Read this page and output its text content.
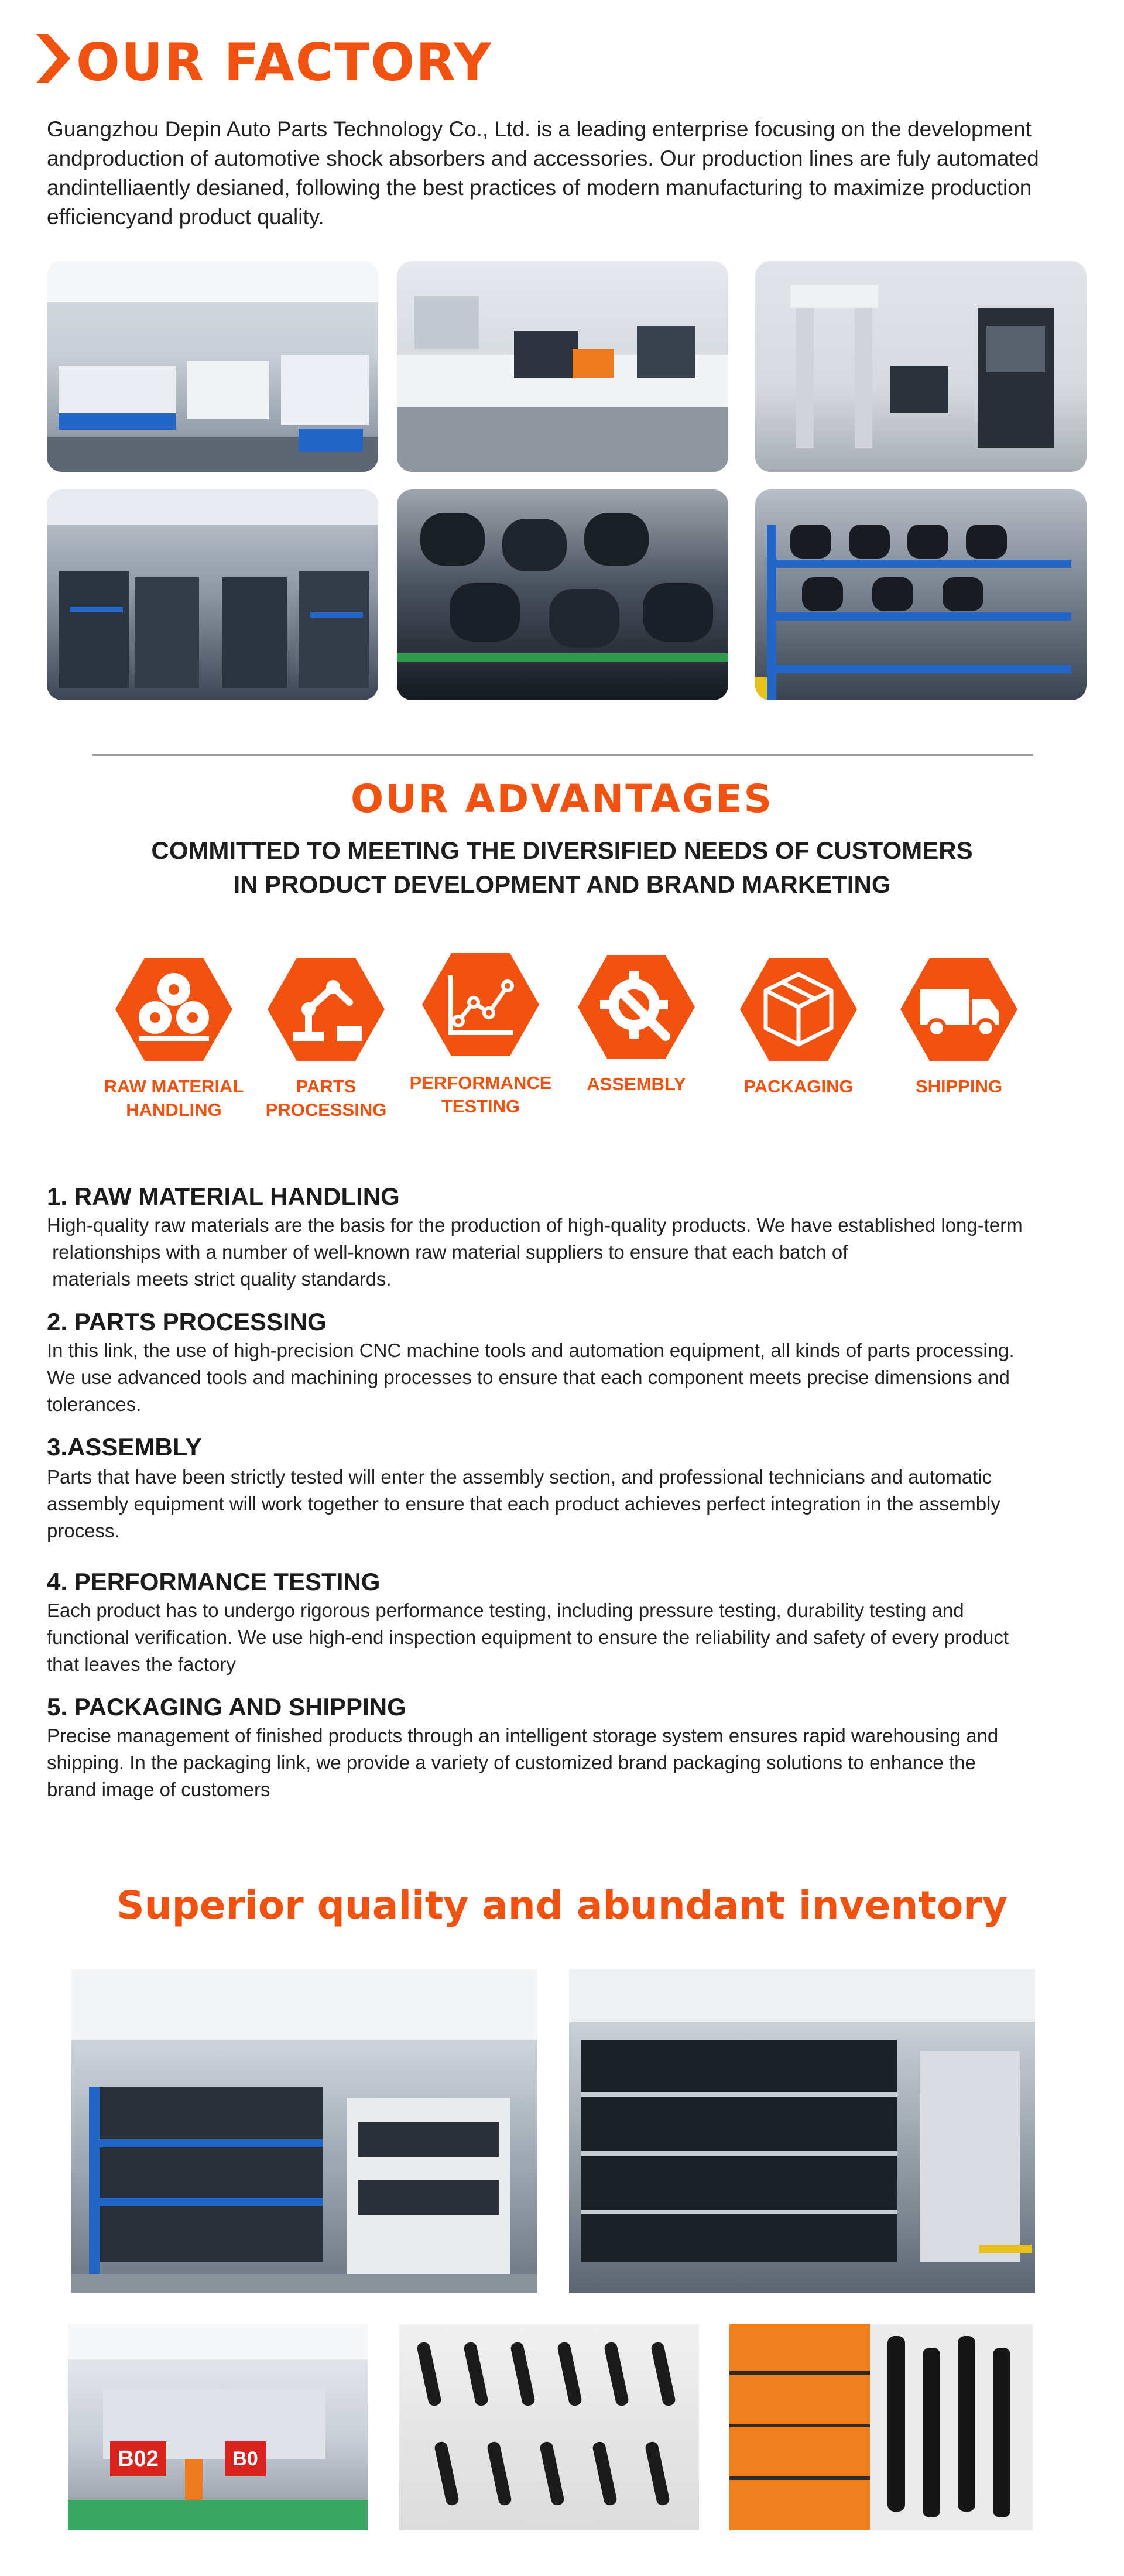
OUR FACTORY

Guangzhou Depin Auto Parts Technology Co., Ltd. is a leading enterprise focusing on the development andproduction of automotive shock absorbers and accessories. Our production lines are fuly automated andintelliaently desianed, following the best practices of modern manufacturing to maximize production efficiencyand product quality.

OUR ADVANTAGES
COMMITTED TO MEETING THE DIVERSIFIED NEEDS OF CUSTOMERS
IN PRODUCT DEVELOPMENT AND BRAND MARKETING
RAW MATERIAL
HANDLING
PARTS
PROCESSING
PERFORMANCE
TESTING
ASSEMBLY	PACKAGING	SHIPPING
1. RAW MATERIAL HANDLING
High-quality raw materials are the basis for the production of high-quality products. We have established long-term
relationships with a number of well-known raw material suppliers to ensure that each batch of
materials meets strict quality standards.
2. PARTS PROCESSING
In this link, the use of high-precision CNC machine tools and automation equipment, all kinds of parts processing.
We use advanced tools and machining processes to ensure that each component meets precise dimensions and
tolerances.
3.ASSEMBLY
Parts that have been strictly tested will enter the assembly section, and professional technicians and automatic
assembly equipment will work together to ensure that each product achieves perfect integration in the assembly
process.
4. PERFORMANCE TESTING
Each product has to undergo rigorous performance testing, including pressure testing, durability testing and
functional verification. We use high-end inspection equipment to ensure the reliability and safety of every product
that leaves the factory
5. PACKAGING AND SHIPPING
Precise management of finished products through an intelligent storage system ensures rapid warehousing and
shipping. In the packaging link, we provide a variety of customized brand packaging solutions to enhance the
brand image of customers
Superior quality and abundant inventory
B02	B0
